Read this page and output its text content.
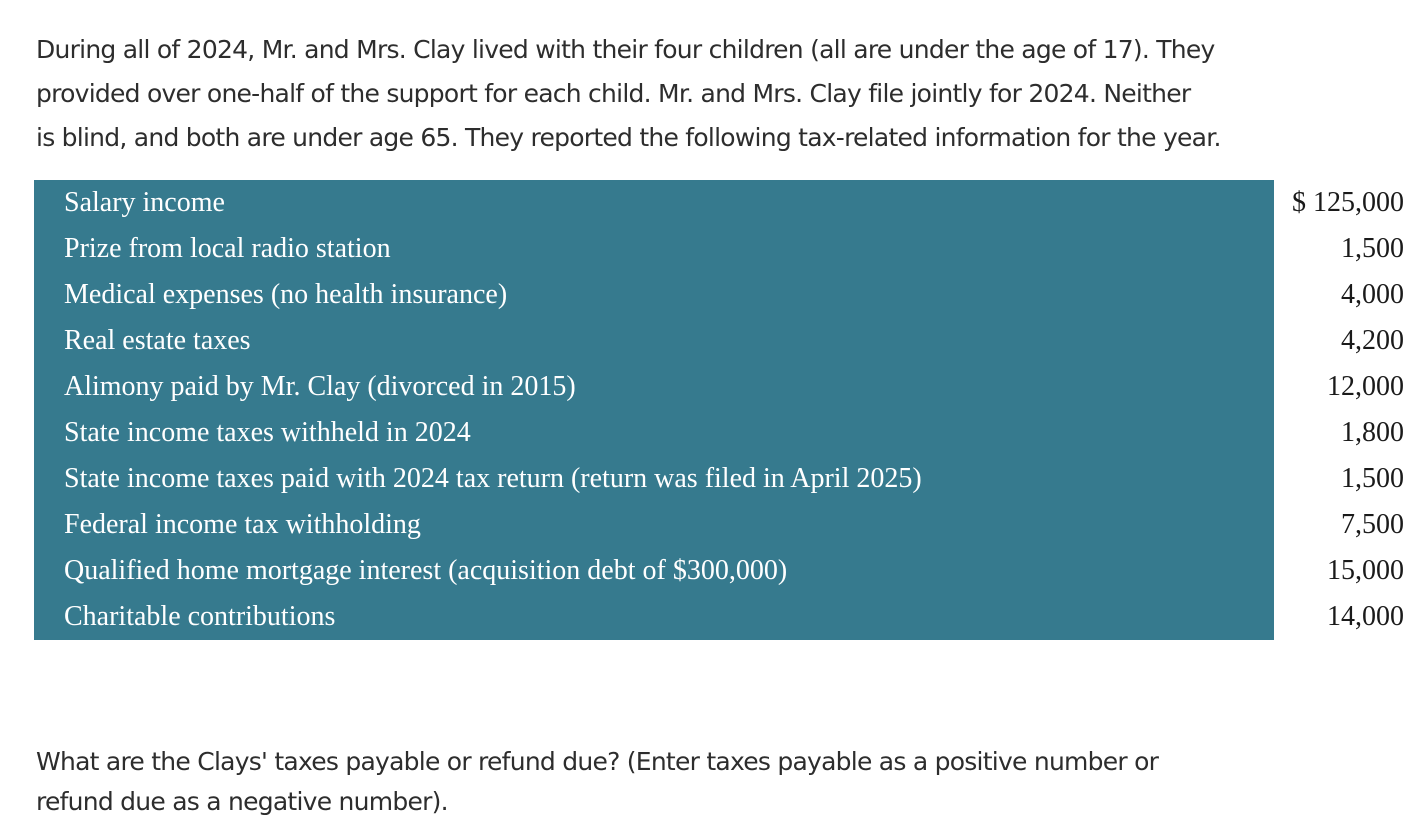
During all of 2024, Mr. and Mrs. Clay lived with their four children (all are under the age of 17). They
provided over one-half of the support for each child. Mr. and Mrs. Clay file jointly for 2024. Neither
is blind, and both are under age 65. They reported the following tax-related information for the year.

Salary income	$ 125,000
Prize from local radio station	1,500
Medical expenses (no health insurance)	4,000
Real estate taxes	4,200
Alimony paid by Mr. Clay (divorced in 2015)	12,000
State income taxes withheld in 2024	1,800
State income taxes paid with 2024 tax return (return was filed in April 2025)	1,500
Federal income tax withholding	7,500
Qualified home mortgage interest (acquisition debt of $300,000)	15,000
Charitable contributions	14,000

What are the Clays' taxes payable or refund due? (Enter taxes payable as a positive number or
refund due as a negative number).
